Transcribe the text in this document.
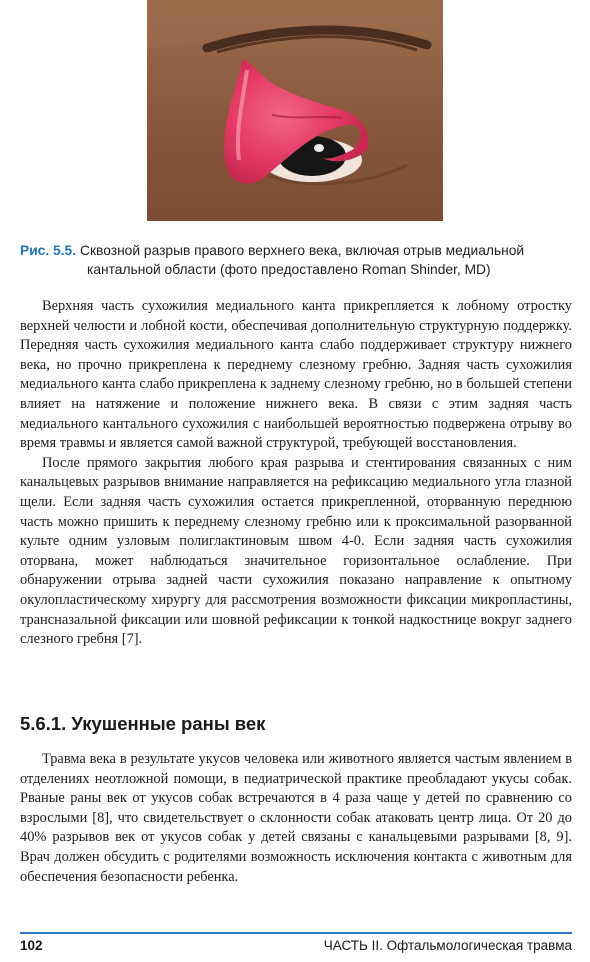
Рис. 5.5. Сквозной разрыв правого верхнего века, включая отрыв медиальной
кантальной области (фото предоставлено Roman Shinder, MD)

Верхняя часть сухожилия медиального канта прикрепляется к лобному отростку верхней челюсти и лобной кости, обеспечивая дополнительную структурную поддержку. Передняя часть сухожилия медиального канта слабо поддерживает структуру нижнего века, но прочно прикреплена к переднему слезному гребню. Задняя часть сухожилия медиального канта слабо прикреплена к заднему слезному гребню, но в большей степени влияет на натяжение и положение нижнего века. В связи с этим задняя часть медиального кантального сухожилия с наибольшей вероятностью подвержена отрыву во время травмы и является самой важной структурой, требующей восстановления.

После прямого закрытия любого края разрыва и стентирования связанных с ним канальцевых разрывов внимание направляется на рефиксацию медиального угла глазной щели. Если задняя часть сухожилия остается прикрепленной, оторванную переднюю часть можно пришить к переднему слезному гребню или к проксимальной разорванной культе одним узловым полиглактиновым швом 4-0. Если задняя часть сухожилия оторвана, может наблюдаться значительное горизонтальное ослабление. При обнаружении отрыва задней части сухожилия показано направление к опытному окулопластическому хирургу для рассмотрения возможности фиксации микропластины, трансназальной фиксации или шовной рефиксации к тонкой надкостнице вокруг заднего слезного гребня [7].

5.6.1. Укушенные раны век

Травма века в результате укусов человека или животного является частым явлением в отделениях неотложной помощи, в педиатрической практике преобладают укусы собак. Рваные раны век от укусов собак встречаются в 4 раза чаще у детей по сравнению со взрослыми [8], что свидетельствует о склонности собак атаковать центр лица. От 20 до 40% разрывов век от укусов собак у детей связаны с канальцевыми разрывами [8, 9]. Врач должен обсудить с родителями возможность исключения контакта с животным для обеспечения безопасности ребенка.

102	ЧАСТЬ II. Офтальмологическая травма
